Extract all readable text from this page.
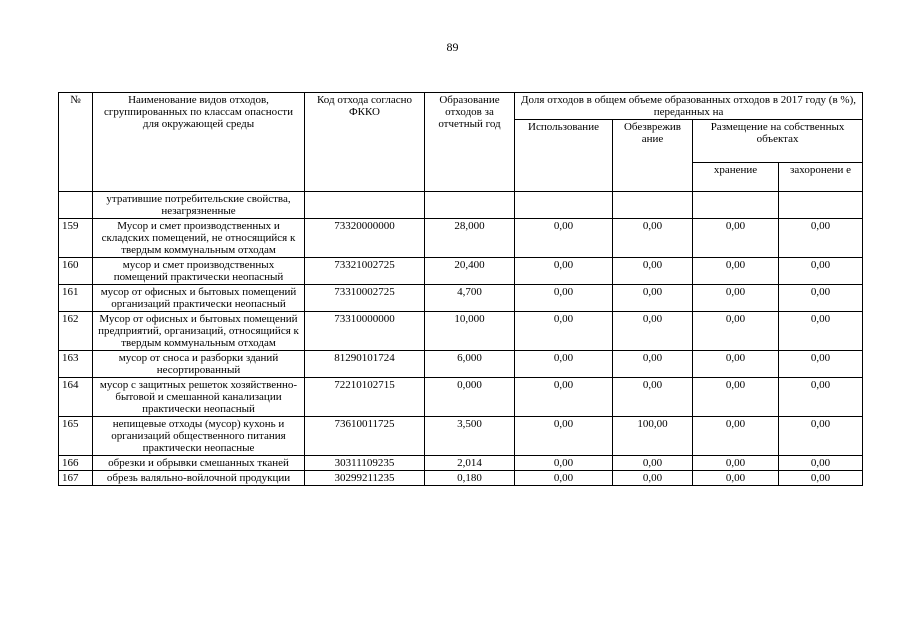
89
№	Наименование видов отходов, сгруппированных по классам опасности для окружающей среды	Код отхода согласно ФККО	Образование отходов за отчетный год	Доля отходов в общем объеме образованных отходов в 2017 году (в %), переданных на			
				Использование	Обезврежив ание	Размещение на собственных объектах	
						хранение	захоронени е
	утратившие потребительские свойства, незагрязненные						
159	Мусор и смет производственных и складских помещений, не относящийся к твердым коммунальным отходам	73320000000	28,000	0,00	0,00	0,00	0,00
160	мусор и смет производственных помещений практически неопасный	73321002725	20,400	0,00	0,00	0,00	0,00
161	мусор от офисных и бытовых помещений организаций практически неопасный	73310002725	4,700	0,00	0,00	0,00	0,00
162	Мусор от офисных и бытовых помещений предприятий, организаций, относящийся к твердым коммунальным отходам	73310000000	10,000	0,00	0,00	0,00	0,00
163	мусор от сноса и разборки зданий несортированный	81290101724	6,000	0,00	0,00	0,00	0,00
164	мусор с защитных решеток хозяйственно-бытовой и смешанной канализации практически неопасный	72210102715	0,000	0,00	0,00	0,00	0,00
165	непищевые отходы (мусор) кухонь и организаций общественного питания практически неопасные	73610011725	3,500	0,00	100,00	0,00	0,00
166	обрезки и обрывки смешанных тканей	30311109235	2,014	0,00	0,00	0,00	0,00
167	обрезь валяльно-войлочной продукции	30299211235	0,180	0,00	0,00	0,00	0,00
